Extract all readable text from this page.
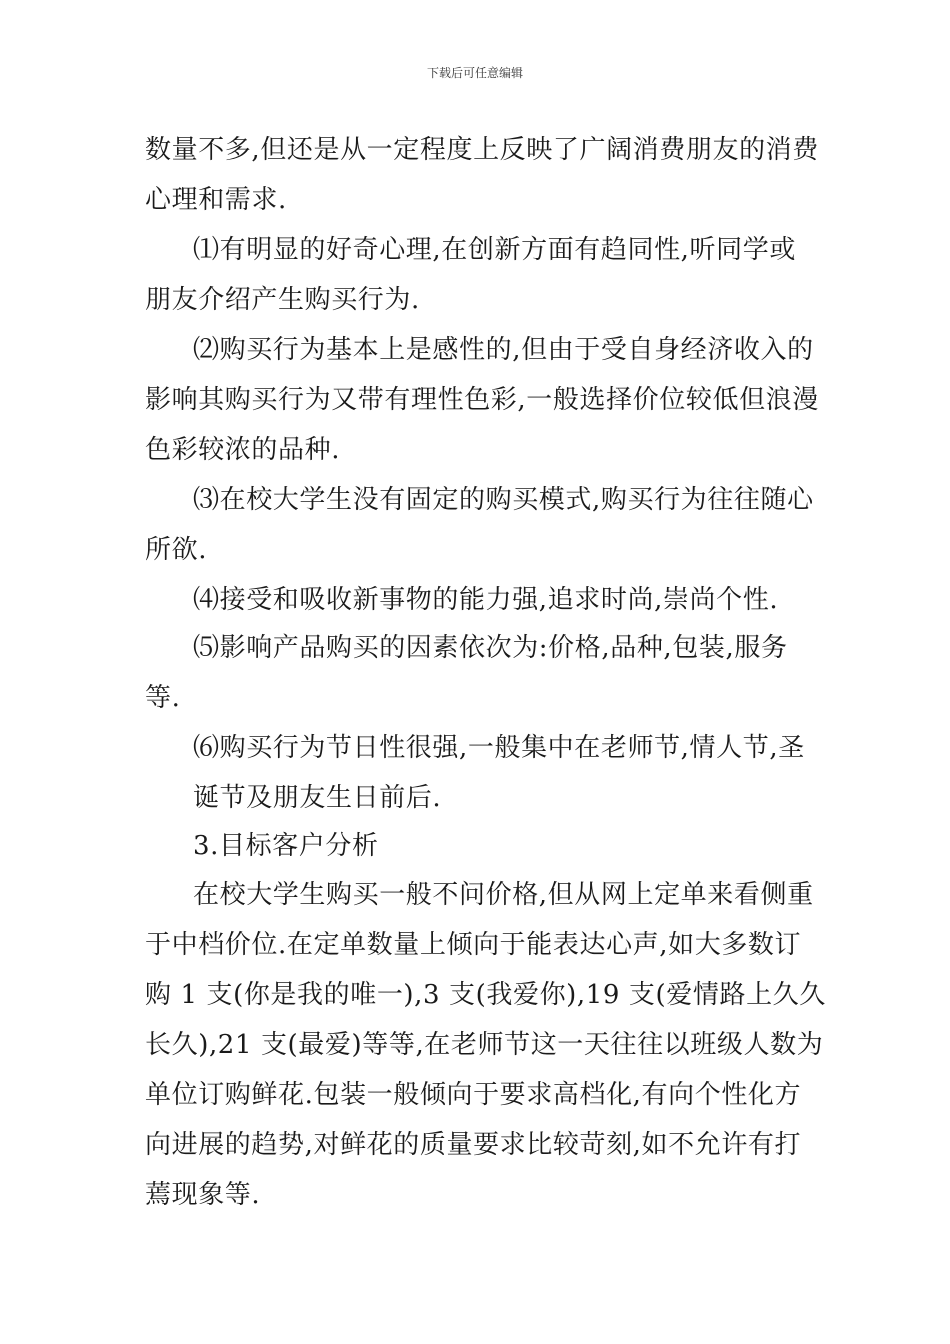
下载后可任意编辑
数量不多,但还是从一定程度上反映了广阔消费朋友的消费
心理和需求.
⑴有明显的好奇心理,在创新方面有趋同性,听同学或
朋友介绍产生购买行为.
⑵购买行为基本上是感性的,但由于受自身经济收入的
影响其购买行为又带有理性色彩,一般选择价位较低但浪漫
色彩较浓的品种.
⑶在校大学生没有固定的购买模式,购买行为往往随心
所欲.
⑷接受和吸收新事物的能力强,追求时尚,崇尚个性.
⑸影响产品购买的因素依次为:价格,品种,包装,服务
等.
⑹购买行为节日性很强,一般集中在老师节,情人节,圣
诞节及朋友生日前后.
3.目标客户分析
在校大学生购买一般不问价格,但从网上定单来看侧重
于中档价位.在定单数量上倾向于能表达心声,如大多数订
购 1 支(你是我的唯一),3 支(我爱你),19 支(爱情路上久久
长久),21 支(最爱)等等,在老师节这一天往往以班级人数为
单位订购鲜花.包装一般倾向于要求高档化,有向个性化方
向进展的趋势,对鲜花的质量要求比较苛刻,如不允许有打
蔫现象等.
